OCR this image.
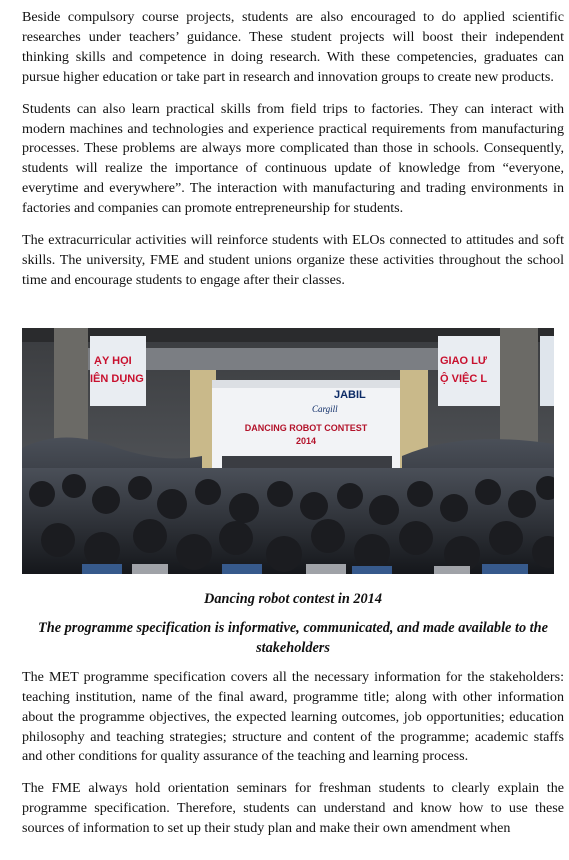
Beside compulsory course projects, students are also encouraged to do applied scientific researches under teachers’ guidance. These student projects will boost their independent thinking skills and competence in doing research. With these competencies, graduates can pursue higher education or take part in research and innovation groups to create new products.

Students can also learn practical skills from field trips to factories. They can interact with modern machines and technologies and experience practical requirements from manufacturing processes. These problems are always more complicated than those in schools. Consequently, students will realize the importance of continuous update of knowledge from “everyone, everytime and everywhere”. The interaction with manufacturing and trading environments in factories and companies can promote entrepreneurship for students.

The extracurricular activities will reinforce students with ELOs connected to attitudes and soft skills. The university, FME and student unions organize these activities throughout the school time and encourage students to engage after their classes.

ẠY HỌI
IÊN DỤNG
GIAO LƯ
Ộ VIỆC L
JABIL
Cargill
DANCING ROBOT CONTEST
2014

Dancing robot contest in 2014

The programme specification is informative, communicated, and made available to the stakeholders

The MET programme specification covers all the necessary information for the stakeholders: teaching institution, name of the final award, programme title; along with other information about the programme objectives, the expected learning outcomes, job opportunities; education philosophy and teaching strategies; structure and content of the programme; academic staffs and other conditions for quality assurance of the teaching and learning process.

The FME always hold orientation seminars for freshman students to clearly explain the programme specification. Therefore, students can understand and know how to use these sources of information to set up their study plan and make their own amendment when
